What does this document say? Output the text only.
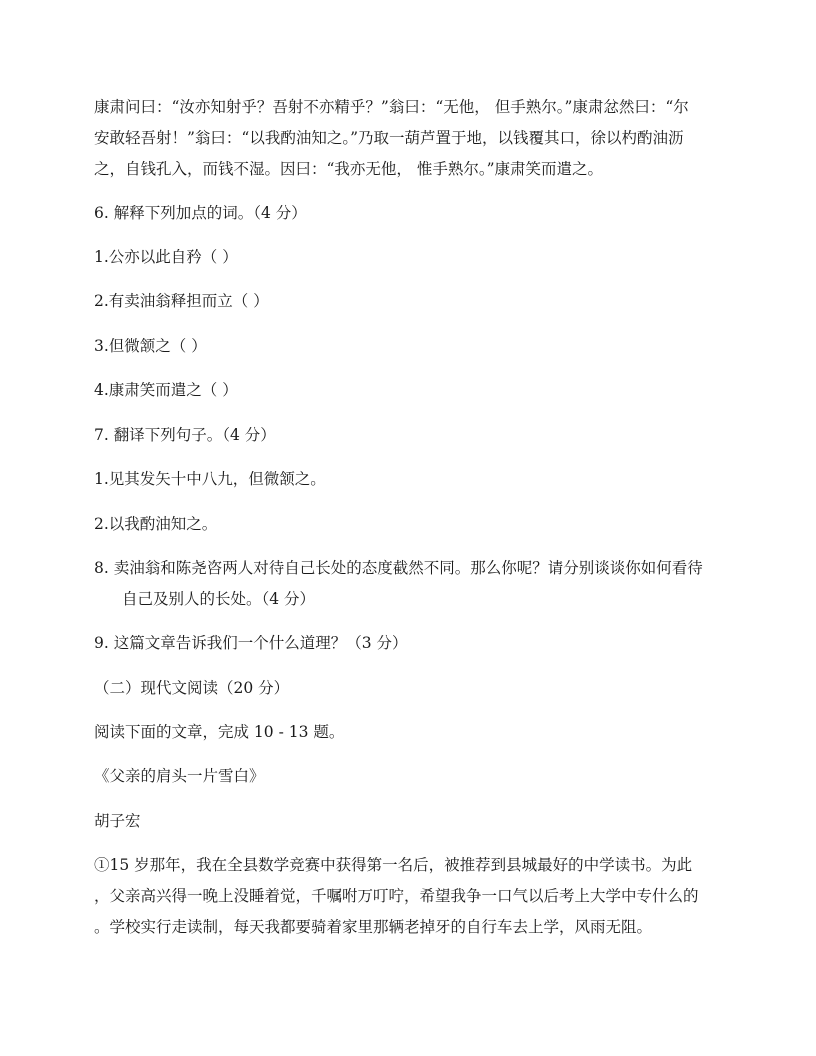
康肃问曰：“汝亦知射乎？吾射不亦精乎？”翁曰：“无他， 但手熟尔。”康肃忿然曰：“尔
安敢轻吾射！”翁曰：“以我酌油知之。”乃取一葫芦置于地，以钱覆其口，徐以杓酌油沥
之，自钱孔入，而钱不湿。因曰：“我亦无他， 惟手熟尔。”康肃笑而遣之。
6. 解释下列加点的词。（4 分）
1.公亦以此自矜（ ）
2.有卖油翁释担而立（ ）
3.但微颔之（ ）
4.康肃笑而遣之（ ）
7. 翻译下列句子。（4 分）
1.见其发矢十中八九，但微颔之。
2.以我酌油知之。
8. 卖油翁和陈尧咨两人对待自己长处的态度截然不同。那么你呢？请分别谈谈你如何看待
自己及别人的长处。（4 分）
9. 这篇文章告诉我们一个什么道理？（3 分）
（二）现代文阅读（20 分）
阅读下面的文章，完成 10 - 13 题。
《父亲的肩头一片雪白》
胡子宏
①15 岁那年，我在全县数学竞赛中获得第一名后，被推荐到县城最好的中学读书。为此
，父亲高兴得一晚上没睡着觉，千嘱咐万叮咛，希望我争一口气以后考上大学中专什么的
。学校实行走读制，每天我都要骑着家里那辆老掉牙的自行车去上学，风雨无阻。
